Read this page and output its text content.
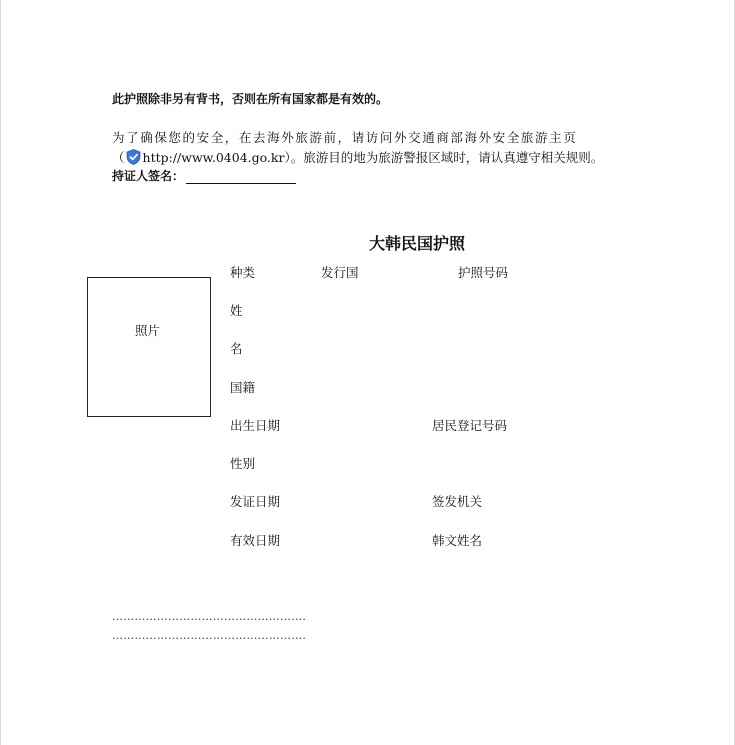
此护照除非另有背书，否则在所有国家都是有效的。
为了确保您的安全，在去海外旅游前，请访问外交通商部海外安全旅游主页
（ http://www.0404.go.kr ）。旅游目的地为旅游警报区域时，请认真遵守相关规则。
持证人签名：
大韩民国护照
照片
种类	发行国	护照号码
姓
名
国籍
出生日期	居民登记号码
性别
发证日期	签发机关
有效日期	韩文姓名
…………………………………………….
…………………………………………….
